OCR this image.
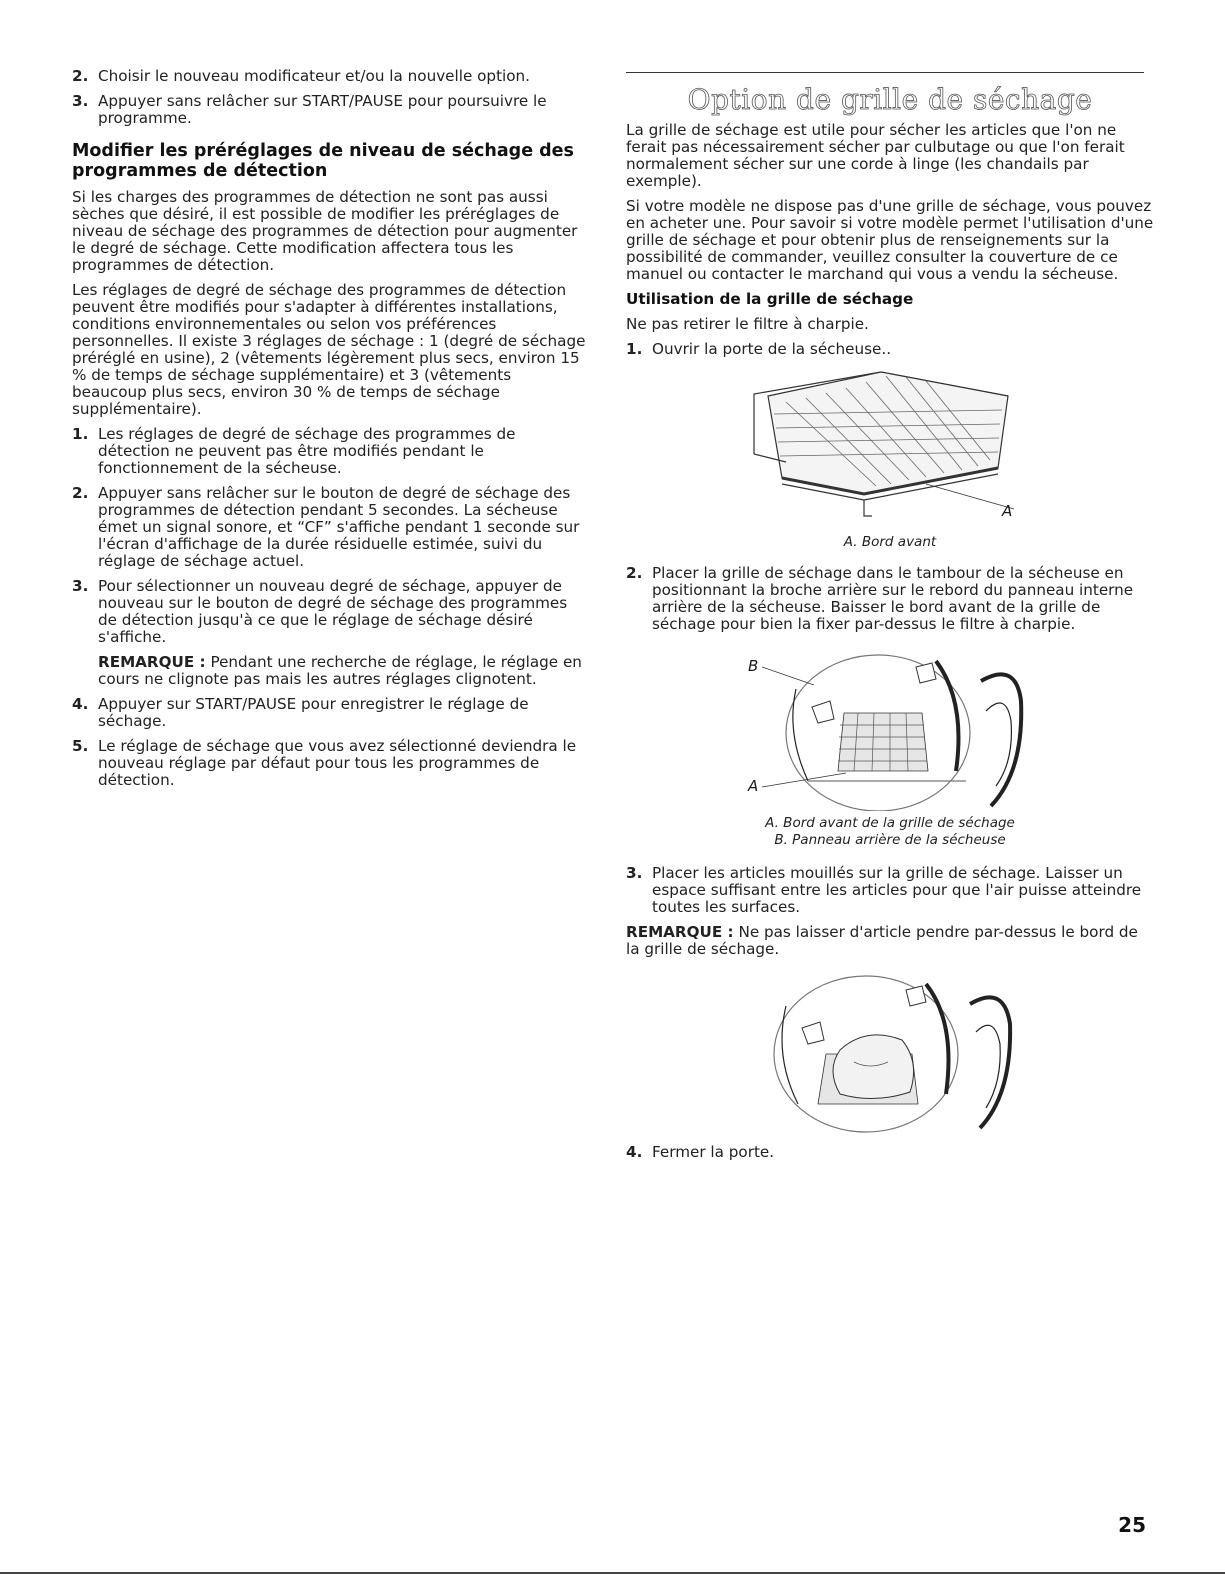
2. Choisir le nouveau modificateur et/ou la nouvelle option.
3. Appuyer sans relâcher sur START/PAUSE pour poursuivre le programme.
Modifier les préréglages de niveau de séchage des programmes de détection

Si les charges des programmes de détection ne sont pas aussi sèches que désiré, il est possible de modifier les préréglages de niveau de séchage des programmes de détection pour augmenter le degré de séchage. Cette modification affectera tous les programmes de détection.

Les réglages de degré de séchage des programmes de détection peuvent être modifiés pour s'adapter à différentes installations, conditions environnementales ou selon vos préférences personnelles. Il existe 3 réglages de séchage : 1 (degré de séchage préréglé en usine), 2 (vêtements légèrement plus secs, environ 15 % de temps de séchage supplémentaire) et 3 (vêtements beaucoup plus secs, environ 30 % de temps de séchage supplémentaire).

1. Les réglages de degré de séchage des programmes de détection ne peuvent pas être modifiés pendant le fonctionnement de la sécheuse.
2. Appuyer sans relâcher sur le bouton de degré de séchage des programmes de détection pendant 5 secondes. La sécheuse émet un signal sonore, et “CF” s'affiche pendant 1 seconde sur l'écran d'affichage de la durée résiduelle estimée, suivi du réglage de séchage actuel.
3. Pour sélectionner un nouveau degré de séchage, appuyer de nouveau sur le bouton de degré de séchage des programmes de détection jusqu'à ce que le réglage de séchage désiré s'affiche.

REMARQUE : Pendant une recherche de réglage, le réglage en cours ne clignote pas mais les autres réglages clignotent.

4. Appuyer sur START/PAUSE pour enregistrer le réglage de séchage.
5. Le réglage de séchage que vous avez sélectionné deviendra le nouveau réglage par défaut pour tous les programmes de détection.
Option de grille de séchage

La grille de séchage est utile pour sécher les articles que l'on ne ferait pas nécessairement sécher par culbutage ou que l'on ferait normalement sécher sur une corde à linge (les chandails par exemple).

Si votre modèle ne dispose pas d'une grille de séchage, vous pouvez en acheter une. Pour savoir si votre modèle permet l'utilisation d'une grille de séchage et pour obtenir plus de renseignements sur la possibilité de commander, veuillez consulter la couverture de ce manuel ou contacter le marchand qui vous a vendu la sécheuse.

Utilisation de la grille de séchage

Ne pas retirer le filtre à charpie.

1. Ouvrir la porte de la sécheuse..
A

A. Bord avant

2. Placer la grille de séchage dans le tambour de la sécheuse en positionnant la broche arrière sur le rebord du panneau interne arrière de la sécheuse. Baisser le bord avant de la grille de séchage pour bien la fixer par-dessus le filtre à charpie.
B
A

A. Bord avant de la grille de séchage

B. Panneau arrière de la sécheuse

3. Placer les articles mouillés sur la grille de séchage. Laisser un espace suffisant entre les articles pour que l'air puisse atteindre toutes les surfaces.

REMARQUE : Ne pas laisser d'article pendre par-dessus le bord de la grille de séchage.

4. Fermer la porte.
25
